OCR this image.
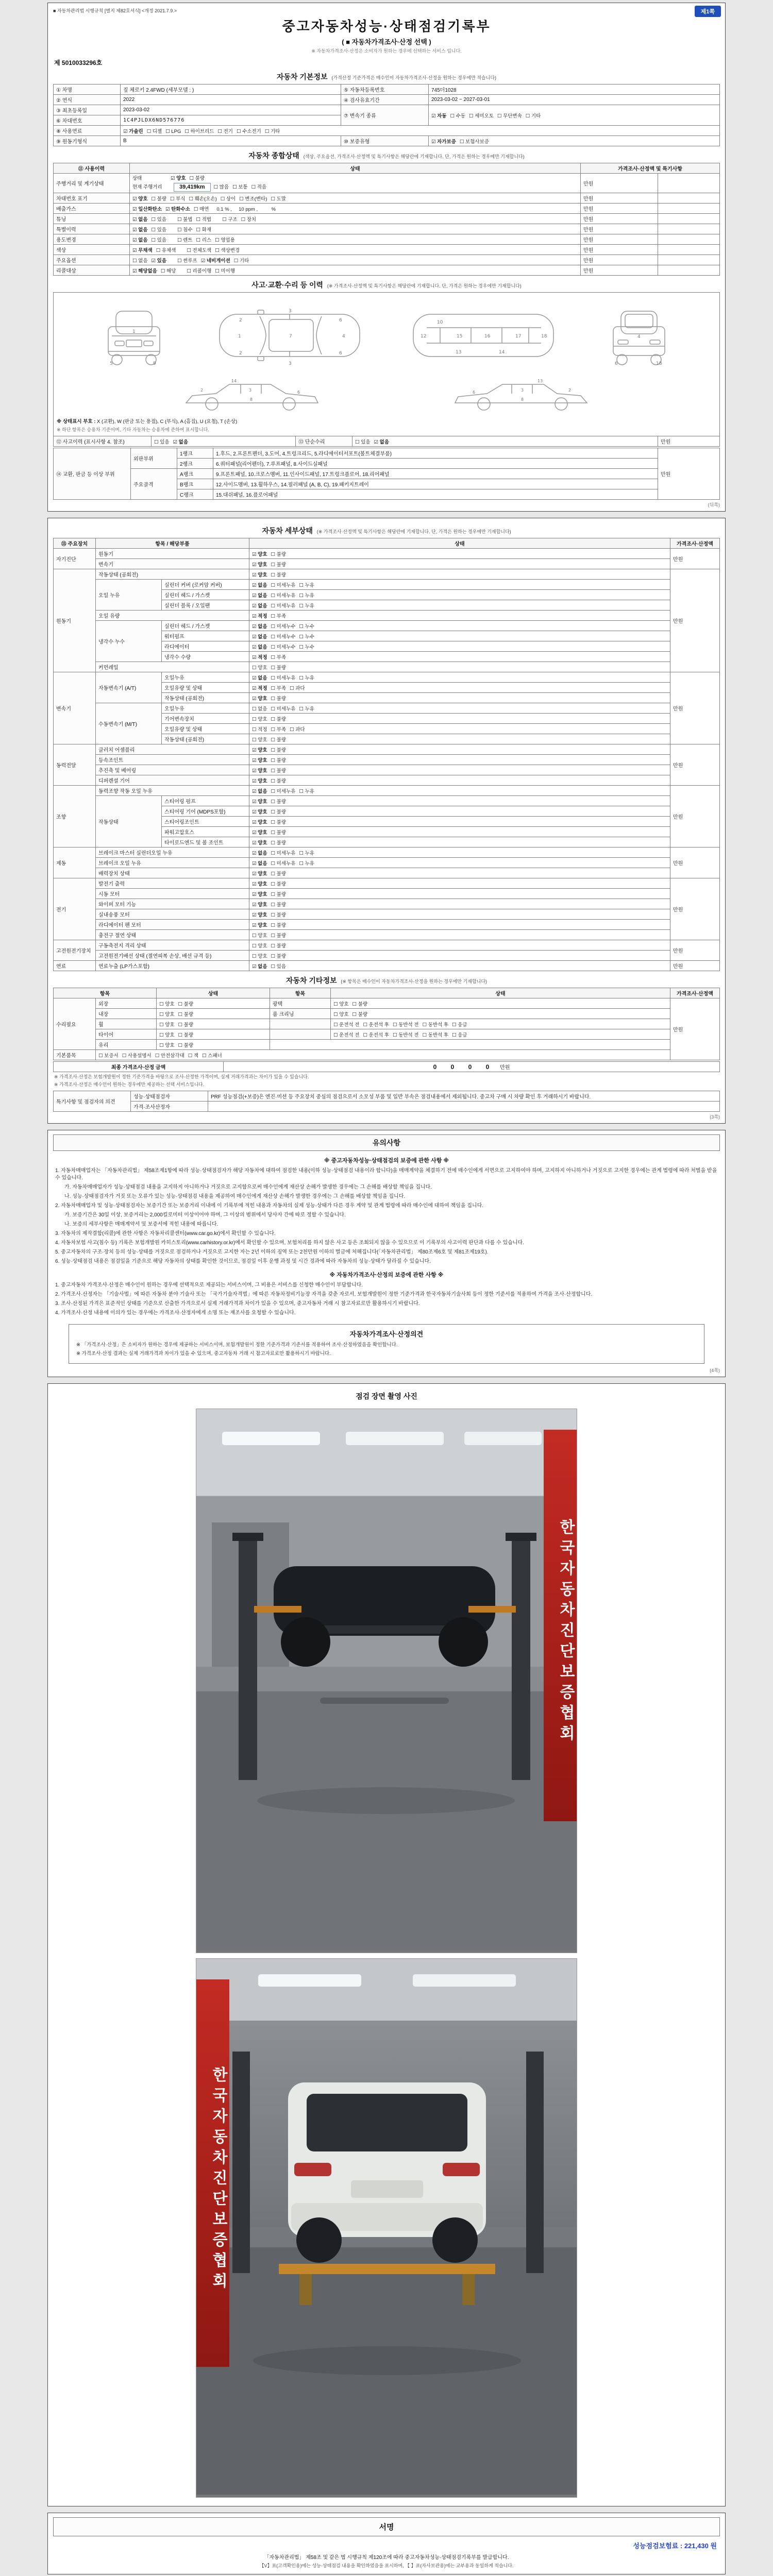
■ 자동차관리법 시행규칙 [별지 제82호서식] <개정 2021.7.9.>	제1쪽
중고자동차성능·상태점검기록부
( ■ 자동차가격조사·산정 선택 )
※ 자동차가격조사·산정은 소비자가 원하는 경우에 선택하는 서비스 입니다.
제 5010033296호
자동차 기본정보 (가격산정 기준가격은 매수인이 자동차가격조사·산정을 원하는 경우에만 적습니다)
① 차명	짚 체로키 2.4FWD (세부모델 : )	⑤ 자동차등록번호	745더1028
② 연식	2022	④ 검사유효기간	2023-03-02 ~ 2027-03-01
③ 최초등록일	2023-03-02	⑦ 변속기 종류	☑ 자동 ☐ 수동 ☐ 세미오토 ☐ 무단변속 ☐ 기타
⑥ 차대번호	1C4PJLDX6ND576776		
⑧ 사용연료	☑ 가솔린 ☐ 디젤 ☐ LPG ☐ 하이브리드 ☐ 전기 ☐ 수소전기 ☐ 기타		
⑨ 원동기형식	B	⑩ 보증유형	☑ 자가보증 ☐ 보험사보증
자동차 종합상태 (색상, 주요옵션, 가격조사·산정액 및 특기사항은 해당란에 기재합니다. 단, 가격은 원하는 경우에만 기재합니다)
⑪ 사용이력	상태	가격조사·산정액 및 특기사항	
주행거리 및 계기상태	상태 ☑ 양호 ☐ 불량
현재 주행거리 39,419km ☐ 많음 ☐ 보통 ☐ 적음	만원	
차대번호 표기	☑ 양호 ☐ 불량 ☐ 부식 ☐ 훼손(오손) ☐ 상이 ☐ 변조(변타) ☐ 도말	만원	
배출가스	☑ 일산화탄소 ☑ 탄화수소 ☐ 매연   0.1 % ,     10 ppm ,          %	만원	
튜닝	☑ 없음 ☐ 있음 ☐ 불법 ☐ 적법 ☐ 구조 ☐ 장치	만원	
특별이력	☑ 없음 ☐ 있음 ☐ 침수 ☐ 화재	만원	
용도변경	☑ 없음 ☐ 있음 ☐ 렌트 ☐ 리스 ☐ 영업용	만원	
색상	☑ 무채색 ☐ 유채색 ☐ 전체도색 ☐ 색상변경	만원	
주요옵션	☐ 없음 ☑ 있음 ☐ 썬루프 ☑ 네비게이션 ☐ 기타	만원	
리콜대상	☑ 해당없음 ☐ 해당 ☐ 리콜이행 ☐ 미이행	만원	
사고·교환·수리 등 이력 (※ 가격조사·산정액 및 특기사항은 해당란에 기재합니다. 단, 가격은 원하는 경우에만 기재합니다)
1
5	9
1	7	4
2
2
3
3
6
6
10
12	15	16	17	18
13	14
4
6	18
2	3	6
8
14
2
3
6
8
13
※ 상태표시 부호 : X (교환), W (판금 또는 용접), C (부식), A (흠집), U (요철), T (손상)
※ 하단 항목은 승용차 기준이며, 기타 자동차는 승용차에 준하여 표시합니다.
⑫ 사고이력 (표시사항 4. 참조)	☐ 있음 ☑ 없음	⑬ 단순수리	☐ 있음 ☑ 없음	만원
⑭ 교환, 판금 등 이상 부위	외판부위	1랭크	1.후드, 2.프론트펜더, 3.도어, 4.트렁크리드, 5.라디에이터서포트(볼트체결부품)	만원
		2랭크	6.쿼터패널(리어펜더), 7.루프패널, 8.사이드실패널	
	주요골격	A랭크	9.프론트패널, 10.크로스멤버, 11.인사이드패널, 17.트렁크플로어, 18.리어패널	
		B랭크	12.사이드멤버, 13.휠하우스, 14.필러패널 (A, B, C), 19.패키지트레이	
		C랭크	15.대쉬패널, 16.플로어패널	
(뒤쪽)
자동차 세부상태 (※ 가격조사·산정액 및 특기사항은 해당란에 기재합니다. 단, 가격은 원하는 경우에만 기재합니다)
⑮ 주요장치	항목 / 해당부품		상태	가격조사·산정액
자기진단	원동기		☑ 양호 ☐ 불량	만원
	변속기		☑ 양호 ☐ 불량	
원동기	작동상태 (공회전)		☑ 양호 ☐ 불량	만원
	오일 누유	실린더 커버 (로커암 커버)	☑ 없음 ☐ 미세누유 ☐ 누유	
		실린더 헤드 / 가스켓	☑ 없음 ☐ 미세누유 ☐ 누유	
		실린더 블록 / 오일팬	☑ 없음 ☐ 미세누유 ☐ 누유	
	오일 유량		☑ 적정 ☐ 부족	
	냉각수 누수	실린더 헤드 / 가스켓	☑ 없음 ☐ 미세누수 ☐ 누수	
		워터펌프	☑ 없음 ☐ 미세누수 ☐ 누수	
		라디에이터	☑ 없음 ☐ 미세누수 ☐ 누수	
		냉각수 수량	☑ 적정 ☐ 부족	
	커먼레일		☐ 양호 ☐ 불량	
변속기	자동변속기 (A/T)	오일누유	☑ 없음 ☐ 미세누유 ☐ 누유	만원
		오일유량 및 상태	☑ 적정 ☐ 부족 ☐ 과다	
		작동상태 (공회전)	☑ 양호 ☐ 불량	
	수동변속기 (M/T)	오일누유	☐ 없음 ☐ 미세누유 ☐ 누유	
		기어변속장치	☐ 양호 ☐ 불량	
		오일유량 및 상태	☐ 적정 ☐ 부족 ☐ 과다	
		작동상태 (공회전)	☐ 양호 ☐ 불량	
동력전달	클러치 어셈블리		☑ 양호 ☐ 불량	만원
	등속조인트		☑ 양호 ☐ 불량	
	추진축 및 베어링		☑ 양호 ☐ 불량	
	디퍼렌셜 기어		☑ 양호 ☐ 불량	
조향	동력조향 작동 오일 누유		☑ 없음 ☐ 미세누유 ☐ 누유	만원
	작동상태	스티어링 펌프	☑ 양호 ☐ 불량	
		스티어링 기어 (MDPS포함)	☑ 양호 ☐ 불량	
		스티어링조인트	☑ 양호 ☐ 불량	
		파워고압호스	☑ 양호 ☐ 불량	
		타이로드엔드 및 볼 조인트	☑ 양호 ☐ 불량	
제동	브레이크 마스터 실린더오일 누유		☑ 없음 ☐ 미세누유 ☐ 누유	만원
	브레이크 오일 누유		☑ 없음 ☐ 미세누유 ☐ 누유	
	배력장치 상태		☑ 양호 ☐ 불량	
전기	발전기 출력		☑ 양호 ☐ 불량	만원
	시동 모터		☑ 양호 ☐ 불량	
	와이퍼 모터 기능		☑ 양호 ☐ 불량	
	실내송풍 모터		☑ 양호 ☐ 불량	
	라디에이터 팬 모터		☑ 양호 ☐ 불량	
	충전구 절연 상태		☐ 양호 ☐ 불량	
고전원전기장치	구동축전지 격리 상태		☐ 양호 ☐ 불량	만원
	고전원전기배선 상태 (절연피복 손상, 배선 규격 등)		☐ 양호 ☐ 불량	
연료	연료누출 (LP가스포함)		☑ 없음 ☐ 있음	만원
자동차 기타정보 (※ 항목은 매수인이 자동차가격조사·산정을 원하는 경우에만 기재합니다)
항목		상태	항목	상태	가격조사·산정액
수리필요	외장	☐ 양호 ☐ 불량	광택	☐ 양호 ☐ 불량	만원
	내장	☐ 양호 ☐ 불량	룸 크리닝	☐ 양호 ☐ 불량	
	휠	☐ 양호 ☐ 불량		☐ 운전석 전 ☐ 운전석 후 ☐ 동반석 전 ☐ 동반석 후 ☐ 응급	
	타이어	☐ 양호 ☐ 불량		☐ 운전석 전 ☐ 운전석 후 ☐ 동반석 전 ☐ 동반석 후 ☐ 응급	
	유리	☐ 양호 ☐ 불량			
기본품목	☐ 보증서 ☐ 사용설명서 ☐ 안전삼각대 ☐ 잭 ☐ 스패너				
최종 가격조사·산정 금액	0 0 0 0 만원
※ 가격조사·산정은 보험개발원이 정한 기준가격을 바탕으로 조사·산정한 가격이며, 실제 거래가격과는 차이가 있을 수 있습니다.
※ 가격조사·산정은 매수인이 원하는 경우에만 제공하는 선택 서비스입니다.
특기사항 및 점검자의 의견	성능·상태점검자	PRF 성능점검(+보증)은 엔진·미션 등 주요장치 중심의 점검으로서 소모성 부품 및 일반 부속은 점검내용에서 제외됩니다. 중고차 구매 시 차량 확인 후 거래하시기 바랍니다.
	가격·조사산정자	
(3쪽)
유의사항
※ 중고자동차성능·상태점검의 보증에 관한 사항 ※
1. 자동차매매업자는 「자동차관리법」 제58조제1항에 따라 성능·상태점검자가 해당 자동차에 대하여 점검한 내용(이하 성능·상태점검 내용이라 합니다)을 매매계약을 체결하기 전에 매수인에게 서면으로 고지하여야 하며, 고지하지 아니하거나 거짓으로 고지한 경우에는 관계 법령에 따라 처벌을 받을 수 있습니다.
가. 자동차매매업자가 성능·상태점검 내용을 고지하지 아니하거나 거짓으로 고지함으로써 매수인에게 재산상 손해가 발생한 경우에는 그 손해를 배상할 책임을 집니다.
나. 성능·상태점검자가 거짓 또는 오류가 있는 성능·상태점검 내용을 제공하여 매수인에게 재산상 손해가 발생한 경우에는 그 손해를 배상할 책임을 집니다.
2. 자동차매매업자 및 성능·상태점검자는 보증기간 또는 보증거리 이내에 이 기록부에 적힌 내용과 자동차의 실제 성능·상태가 다른 경우 계약 및 관계 법령에 따라 매수인에 대하여 책임을 집니다.
가. 보증기간은 30일 이상, 보증거리는 2,000킬로미터 이상이어야 하며, 그 이상의 범위에서 당사자 간에 따로 정할 수 있습니다.
나. 보증의 세부사항은 매매계약서 및 보증서에 적힌 내용에 따릅니다.
3. 자동차의 제작결함(리콜)에 관한 사항은 자동차리콜센터(www.car.go.kr)에서 확인할 수 있습니다.
4. 자동차보험 사고(침수 등) 기록은 보험개발원 카히스토리(www.carhistory.or.kr)에서 확인할 수 있으며, 보험처리를 하지 않은 사고 등은 조회되지 않을 수 있으므로 이 기록부의 사고이력 판단과 다를 수 있습니다.
5. 중고자동차의 구조·장치 등의 성능·상태를 거짓으로 점검하거나 거짓으로 고지한 자는 2년 이하의 징역 또는 2천만원 이하의 벌금에 처해집니다(「자동차관리법」 제80조제6호 및 제81조제19호).
6. 성능·상태점검 내용은 점검일을 기준으로 해당 자동차의 상태를 확인한 것이므로, 점검일 이후 운행 과정 및 시간 경과에 따라 자동차의 성능·상태가 달라질 수 있습니다.
※ 자동차가격조사·산정의 보증에 관한 사항 ※
1. 중고자동차 가격조사·산정은 매수인이 원하는 경우에 선택적으로 제공되는 서비스이며, 그 비용은 서비스를 신청한 매수인이 부담합니다.
2. 가격조사·산정자는 「기술사법」에 따른 자동차 분야 기술사 또는 「국가기술자격법」에 따른 자동차정비기능장 자격을 갖춘 자로서, 보험개발원이 정한 기준가격과 한국자동차기술사회 등이 정한 기준서를 적용하여 가격을 조사·산정합니다.
3. 조사·산정된 가격은 표준적인 상태를 기준으로 산출한 가격으로서 실제 거래가격과 차이가 있을 수 있으며, 중고자동차 거래 시 참고자료로만 활용하시기 바랍니다.
4. 가격조사·산정 내용에 이의가 있는 경우에는 가격조사·산정자에게 소명 또는 재조사를 요청할 수 있습니다.
자동차가격조사·산정의견
※ 「가격조사·산정」은 소비자가 원하는 경우에 제공하는 서비스이며, 보험개발원이 정한 기준가격과 기준서를 적용하여 조사·산정하였음을 확인합니다.
※ 가격조사·산정 결과는 실제 거래가격과 차이가 있을 수 있으며, 중고자동차 거래 시 참고자료로만 활용하시기 바랍니다.
(4쪽)
점검 장면 촬영 사진
한국자동차진단보증협회
한국자동차진단보증협회
서명
성능점검보험료 : 221,430 원
「자동차관리법」 제58조 및 같은 법 시행규칙 제120조에 따라 중고자동차성능·상태점검기록부를 발급합니다.
【V】표(고객확인용)에는 성능·상태점검 내용을 확인하였음을 표시하며, 【 】표(자사보관용)에는 교부용과 동일하게 적습니다.
